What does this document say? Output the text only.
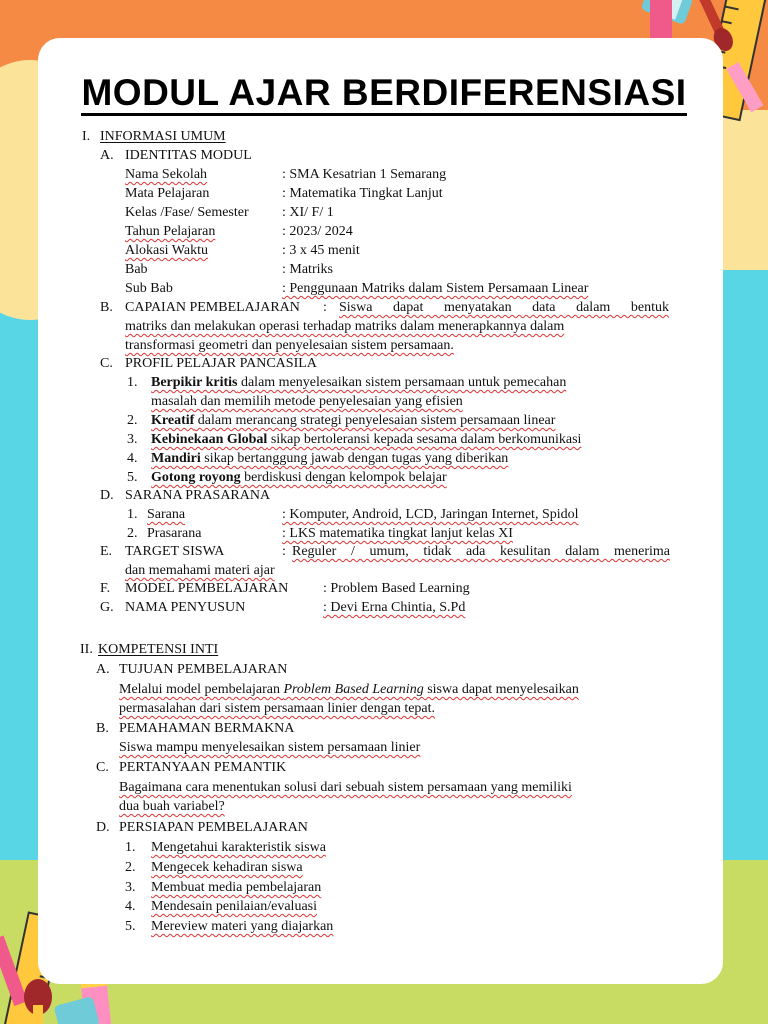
MODUL AJAR BERDIFERENSIASI
I. INFORMASI UMUM
A. IDENTITAS MODUL
Nama Sekolah	: SMA Kesatrian 1 Semarang
Mata Pelajaran	: Matematika Tingkat Lanjut
Kelas /Fase/ Semester : XI/ F/ 1
Tahun Pelajaran	: 2023/ 2024
Alokasi Waktu	: 3 x 45 menit
Bab	: Matriks
Sub Bab	: Penggunaan Matriks dalam Sistem Persamaan Linear
B. CAPAIAN PEMBELAJARAN : Siswa dapat menyatakan data dalam bentuk
matriks dan melakukan operasi terhadap matriks dalam menerapkannya dalam
transformasi geometri dan penyelesaian sistem persamaan.
C. PROFIL PELAJAR PANCASILA
1. Berpikir kritis dalam menyelesaikan sistem persamaan untuk pemecahan
masalah dan memilih metode penyelesaian yang efisien
2. Kreatif dalam merancang strategi penyelesaian sistem persamaan linear
3. Kebinekaan Global sikap bertoleransi kepada sesama dalam berkomunikasi
4. Mandiri sikap bertanggung jawab dengan tugas yang diberikan
5. Gotong royong berdiskusi dengan kelompok belajar
D. SARANA PRASARANA
1. Sarana	: Komputer, Android, LCD, Jaringan Internet, Spidol
2. Prasarana	: LKS matematika tingkat lanjut kelas XI
E. TARGET SISWA	: Reguler / umum, tidak ada kesulitan dalam menerima
dan memahami materi ajar
F. MODEL PEMBELAJARAN : Problem Based Learning
G. NAMA PENYUSUN	: Devi Erna Chintia, S.Pd
II. KOMPETENSI INTI
A. TUJUAN PEMBELAJARAN
Melalui model pembelajaran Problem Based Learning siswa dapat menyelesaikan
permasalahan dari sistem persamaan linier dengan tepat.
B. PEMAHAMAN BERMAKNA
Siswa mampu menyelesaikan sistem persamaan linier
C. PERTANYAAN PEMANTIK
Bagaimana cara menentukan solusi dari sebuah sistem persamaan yang memiliki
dua buah variabel?
D. PERSIAPAN PEMBELAJARAN
1. Mengetahui karakteristik siswa
2. Mengecek kehadiran siswa
3. Membuat media pembelajaran
4. Mendesain penilaian/evaluasi
5. Mereview materi yang diajarkan
